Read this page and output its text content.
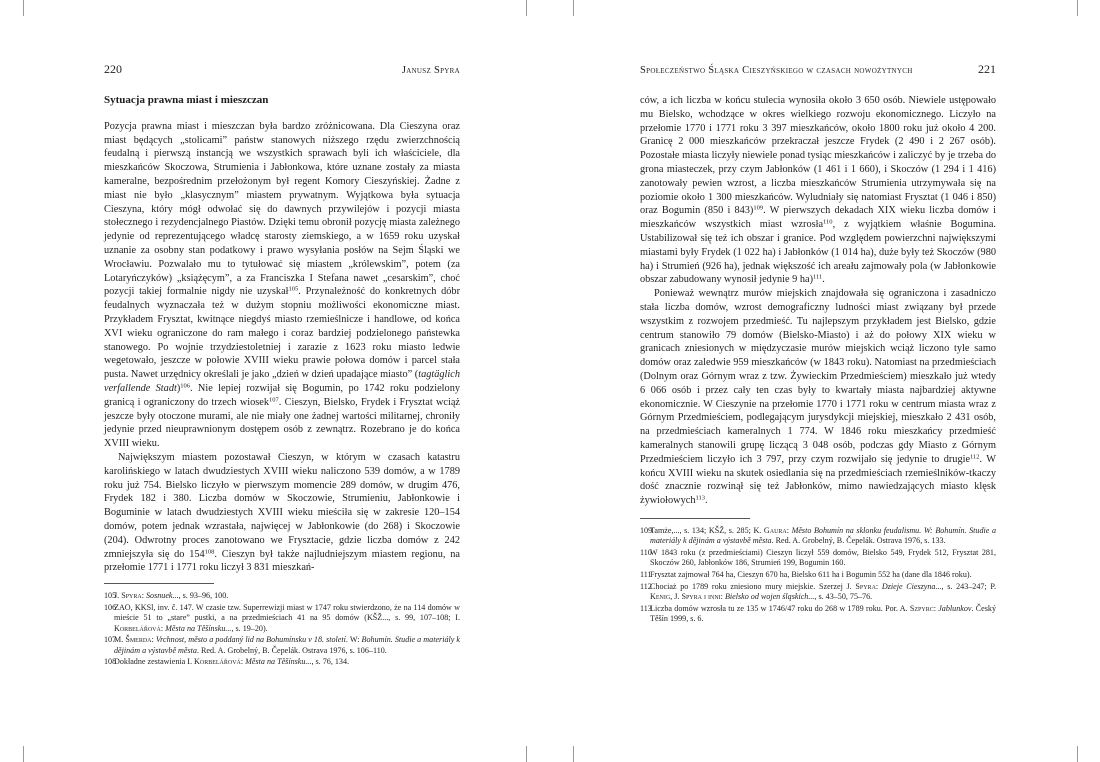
220	Janusz Spyra
Sytuacja prawna miast i mieszczan

Pozycja prawna miast i mieszczan była bardzo zróżnicowana. Dla Cieszyna oraz miast będących „stolicami” państw stanowych niższego rzędu zwierzchnością feudalną i pierwszą instancją we wszystkich sprawach byli ich właściciele, dla mieszkańców Skoczowa, Strumienia i Jabłonkowa, które uznane zostały za miasta kameralne, bezpośrednim przełożonym był regent Komory Cieszyńskiej. Żadne z miast nie było „klasycznym” miastem prywatnym. Wyjątkowa była sytuacja Cieszyna, który mógł odwołać się do dawnych przywilejów i pozycji miasta stołecznego i rezydencjalnego Piastów. Dzięki temu obronił pozycję miasta zależnego jedynie od reprezentującego władcę starosty ziemskiego, a w 1659 roku uzyskał uznanie za osobny stan podatkowy i prawo wysyłania posłów na Sejm Śląski we Wrocławiu. Pozwalało mu to tytułować się miastem „królewskim”, potem (za Lotaryńczyków) „książęcym”, a za Franciszka I Stefana nawet „cesarskim”, choć pozycji takiej formalnie nigdy nie uzyskał$^{105}$. Przynależność do konkretnych dóbr feudalnych wyznaczała też w dużym stopniu możliwości ekonomiczne miast. Przykładem Frysztat, kwitnące niegdyś miasto rzemieślnicze i handlowe, od końca XVI wieku ograniczone do ram małego i coraz bardziej podzielonego państewka stanowego. Po wojnie trzydziestoletniej i zarazie z 1623 roku miasto ledwie wegetowało, jeszcze w połowie XVIII wieku prawie połowa domów i parcel stała pusta. Nawet urzędnicy określali je jako „dzień w dzień upadające miasto” (tagtäglich verfallende Stadt)$^{106}$. Nie lepiej rozwijał się Bogumin, po 1742 roku podzielony granicą i ograniczony do trzech wiosek$^{107}$. Cieszyn, Bielsko, Frydek i Frysztat wciąż jeszcze były otoczone murami, ale nie miały one żadnej wartości militarnej, chroniły jedynie przed nieuprawnionym dostępem osób z zewnątrz. Rozebrano je do końca XVIII wieku.

Największym miastem pozostawał Cieszyn, w którym w czasach katastru karolińskiego w latach dwudziestych XVIII wieku naliczono 539 domów, a w 1789 roku już 754. Bielsko liczyło w pierwszym momencie 289 domów, w drugim 476, Frydek 182 i 380. Liczba domów w Skoczowie, Strumieniu, Jabłonkowie i Boguminie w latach dwudziestych XVIII wieku mieściła się w zakresie 120–154 domów, potem jednak wzrastała, najwięcej w Jabłonkowie (do 268) i Skoczowie (204). Odwrotny proces zanotowano we Frysztacie, gdzie liczba domów z 242 zmniejszyła się do $154^{108}$. Cieszyn był także najludniejszym miastem regionu, na przełomie 1771 i 1771 roku liczył 3 831 mieszkań-

105
J. Spyra: Sosnuek..., s. 93–96, 100.
106
ZAO, KKSl, inv. č. 147. W czasie tzw. Superrewizji miast w 1747 roku stwierdzono, że na 114 domów w mieście 51 to „stare” pustki, a na przedmieściach 41 na 95 domów (KŠŽ..., s. 99, 107–108; I. Korbelářová: Města na Těšínsku..., s. 19–20).
107
M. Šmerda: Vrchnost, město a poddaný lid na Bohumínsku v 18. století. W: Bohumín. Studie a materiály k dějinám a výstavbě města. Red. A. Grobelný, B. Čepelák. Ostrava 1976, s. 106–110.
108
Dokładne zestawienia I. Korbelářová: Města na Těšínsku..., s. 76, 134.
Społeczeństwo Śląska Cieszyńskiego w czasach nowożytnych	221

ców, a ich liczba w końcu stulecia wynosiła około 3 650 osób. Niewiele ustępowało mu Bielsko, wchodzące w okres wielkiego rozwoju ekonomicznego. Liczyło na przełomie 1770 i 1771 roku 3 397 mieszkańców, około 1800 roku już około 4 200. Granicę 2 000 mieszkańców przekraczał jeszcze Frydek (2 490 i 2 267 osób). Pozostałe miasta liczyły niewiele ponad tysiąc mieszkańców i zaliczyć by je trzeba do grona miasteczek, przy czym Jabłonków (1 461 i 1 660), i Skoczów (1 294 i 1 416) zanotowały pewien wzrost, a liczba mieszkańców Strumienia utrzymywała się na poziomie około 1 300 mieszkańców. Wyludniały się natomiast Frysztat (1 046 i 850) oraz Bogumin (850 i 843)$^{109}$. W pierwszych dekadach XIX wieku liczba domów i mieszkańców wszystkich miast wzrosła$^{110}$, z wyjątkiem właśnie Bogumina. Ustabilizował się też ich obszar i granice. Pod względem powierzchni największymi miastami były Frydek (1 022 ha) i Jabłonków (1 014 ha), duże były też Skoczów (980 ha) i Strumień (926 ha), jednak większość ich areału zajmowały pola (w Jabłonkowie obszar zabudowany wynosił jedynie 9 ha)$^{111}$.

Ponieważ wewnątrz murów miejskich znajdowała się ograniczona i zasadniczo stała liczba domów, wzrost demograficzny ludności miast związany był przede wszystkim z rozwojem przedmieść. Tu najlepszym przykładem jest Bielsko, gdzie centrum stanowiło 79 domów (Bielsko-Miasto) i aż do połowy XIX wieku w granicach zniesionych w międzyczasie murów miejskich wciąż liczono tyle samo domów oraz zaledwie 959 mieszkańców (w 1843 roku). Natomiast na przedmieściach (Dolnym oraz Górnym wraz z tzw. Żywieckim Przedmieściem) mieszkało już wtedy 6 066 osób i przez cały ten czas były to kwartały miasta najbardziej aktywne ekonomicznie. W Cieszynie na przełomie 1770 i 1771 roku w centrum miasta wraz z Górnym Przedmieściem, podlegającym jurysdykcji miejskiej, mieszkało 2 431 osób, na przedmieściach kameralnych 1 774. W 1846 roku mieszkańcy przedmieść kameralnych stanowili grupę liczącą 3 048 osób, podczas gdy Miasto z Górnym Przedmieściem liczyło ich 3 797, przy czym rozwijało się jedynie to drugie$^{112}$. W końcu XVIII wieku na skutek osiedlania się na przedmieściach rzemieślników-tkaczy dość znacznie rozwinął się też Jabłonków, mimo nawiedzających miasto klęsk żywiołowych$^{113}$.

109
Tamże,..., s. 134; KŠŽ, s. 285; K. Gaura: Město Bohumín na sklonku feudalismu. W: Bohumín. Studie a materiály k dějinám a výstavbě města. Red. A. Grobelný, B. Čepelák. Ostrava 1976, s. 133.
110
W 1843 roku (z przedmieściami) Cieszyn liczył 559 domów, Bielsko 549, Frydek 512, Frysztat 281, Skoczów 260, Jabłonków 186, Strumień 199, Bogumin 160.
111
Frysztat zajmował 764 ha, Cieszyn 670 ha, Bielsko 611 ha i Bogumin 552 ha (dane dla 1846 roku).
112
Chociaż po 1789 roku zniesiono mury miejskie. Szerzej J. Spyra: Dzieje Cieszyna..., s. 243–247; P. Kenig, J. Spyra i inni: Bielsko od wojen śląskich..., s. 43–50, 75–76.
113
Liczba domów wzrosła tu ze 135 w 1746/47 roku do 268 w 1789 roku. Por. A. Szpyrc: Jablunkov. Český Těšín 1999, s. 6.
